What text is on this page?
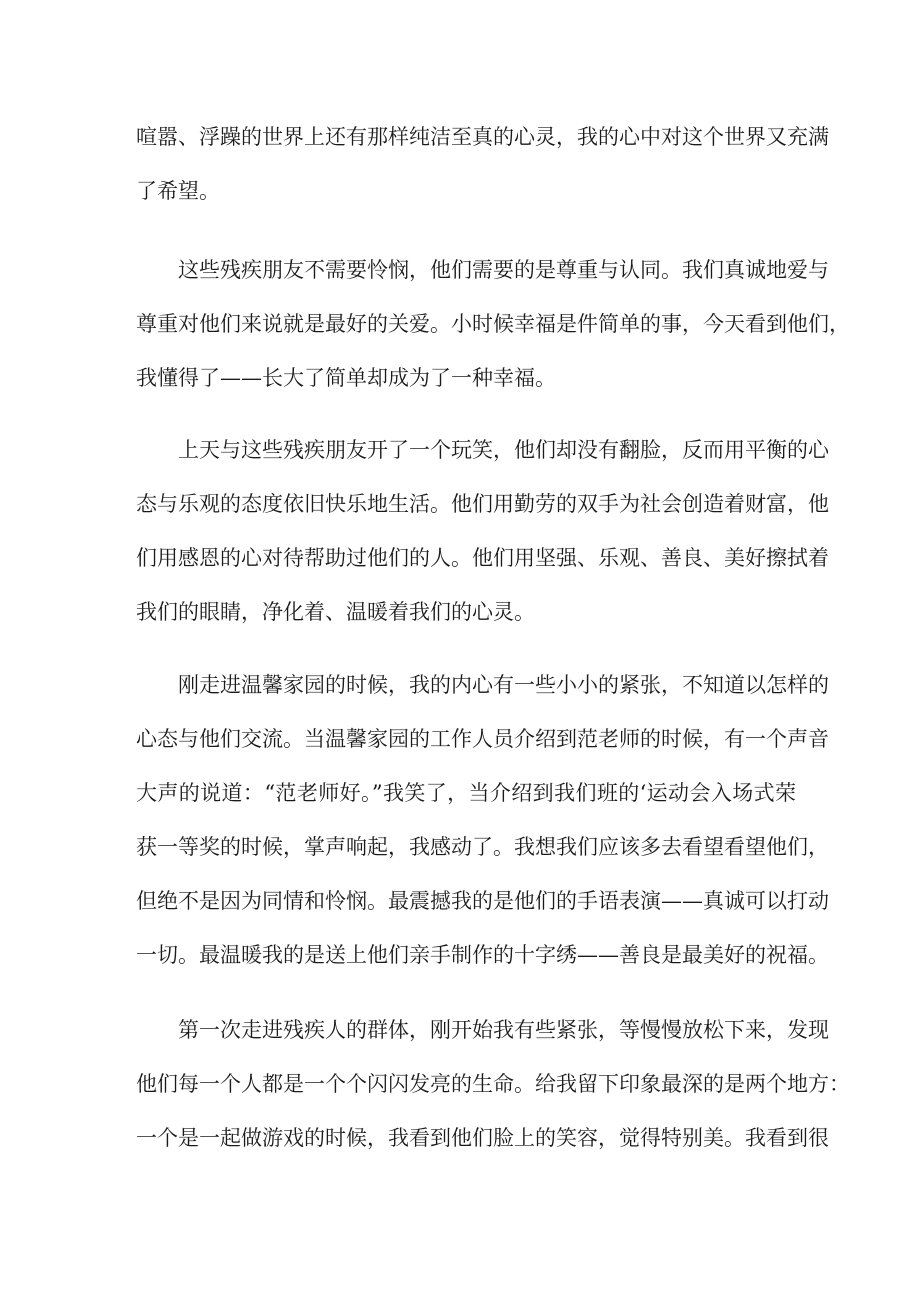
喧嚣、浮躁的世界上还有那样纯洁至真的心灵，我的心中对这个世界又充满
了希望。
这些残疾朋友不需要怜悯，他们需要的是尊重与认同。我们真诚地爱与
尊重对他们来说就是最好的关爱。小时候幸福是件简单的事，今天看到他们，
我懂得了——长大了简单却成为了一种幸福。
上天与这些残疾朋友开了一个玩笑，他们却没有翻脸，反而用平衡的心
态与乐观的态度依旧快乐地生活。他们用勤劳的双手为社会创造着财富，他
们用感恩的心对待帮助过他们的人。他们用坚强、乐观、善良、美好擦拭着
我们的眼睛，净化着、温暖着我们的心灵。
刚走进温馨家园的时候，我的内心有一些小小的紧张，不知道以怎样的
心态与他们交流。当温馨家园的工作人员介绍到范老师的时候，有一个声音
大声的说道：“范老师好。”我笑了，当介绍到我们班的‘运动会入场式荣
获一等奖的时候，掌声响起，我感动了。我想我们应该多去看望看望他们，
但绝不是因为同情和怜悯。最震撼我的是他们的手语表演——真诚可以打动
一切。最温暖我的是送上他们亲手制作的十字绣——善良是最美好的祝福。
第一次走进残疾人的群体，刚开始我有些紧张，等慢慢放松下来，发现
他们每一个人都是一个个闪闪发亮的生命。给我留下印象最深的是两个地方：
一个是一起做游戏的时候，我看到他们脸上的笑容，觉得特别美。我看到很
